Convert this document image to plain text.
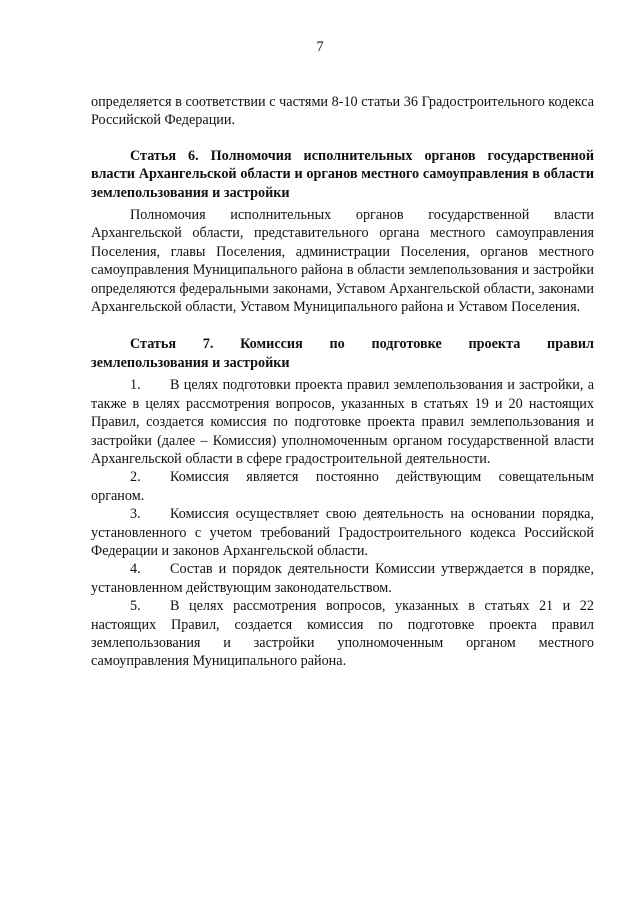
7

определяется в соответствии с частями 8-10 статьи 36 Градостроительного кодекса Российской Федерации.

Статья 6. Полномочия исполнительных органов государственной власти Архангельской области и органов местного самоуправления в области землепользования и застройки

Полномочия исполнительных органов государственной власти Архангельской области, представительного органа местного самоуправления Поселения, главы Поселения, администрации Поселения, органов местного самоуправления Муниципального района в области землепользования и застройки определяются федеральными законами, Уставом Архангельской области, законами Архангельской области, Уставом Муниципального района и Уставом Поселения.

Статья 7. Комиссия по подготовке проекта правил
землепользования и застройки

1. В целях подготовки проекта правил землепользования и застройки, а также в целях рассмотрения вопросов, указанных в статьях 19 и 20 настоящих Правил, создается комиссия по подготовке проекта правил землепользования и застройки (далее – Комиссия) уполномоченным органом государственной власти Архангельской области в сфере градостроительной деятельности.

2. Комиссия является постоянно действующим совещательным органом.

3. Комиссия осуществляет свою деятельность на основании порядка, установленного с учетом требований Градостроительного кодекса Российской Федерации и законов Архангельской области.

4. Состав и порядок деятельности Комиссии утверждается в порядке, установленном действующим законодательством.

5. В целях рассмотрения вопросов, указанных в статьях 21 и 22 настоящих Правил, создается комиссия по подготовке проекта правил землепользования и застройки уполномоченным органом местного самоуправления Муниципального района.
